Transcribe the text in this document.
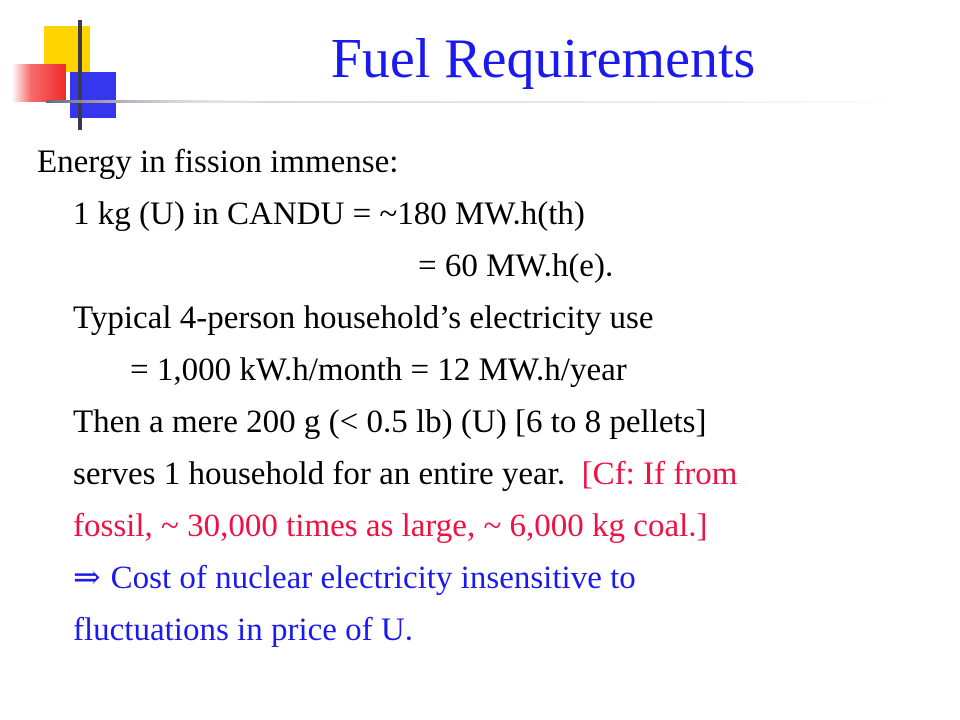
Fuel Requirements
Energy in fission immense:
1 kg (U) in CANDU = ~180 MW.h(th)
= 60 MW.h(e).
Typical 4-person household’s electricity use
= 1,000 kW.h/month = 12 MW.h/year
Then a mere 200 g (< 0.5 lb) (U) [6 to 8 pellets]
serves 1 household for an entire year. [Cf: If from
fossil, ~ 30,000 times as large, ~ 6,000 kg coal.]
⇒ Cost of nuclear electricity insensitive to
fluctuations in price of U.
